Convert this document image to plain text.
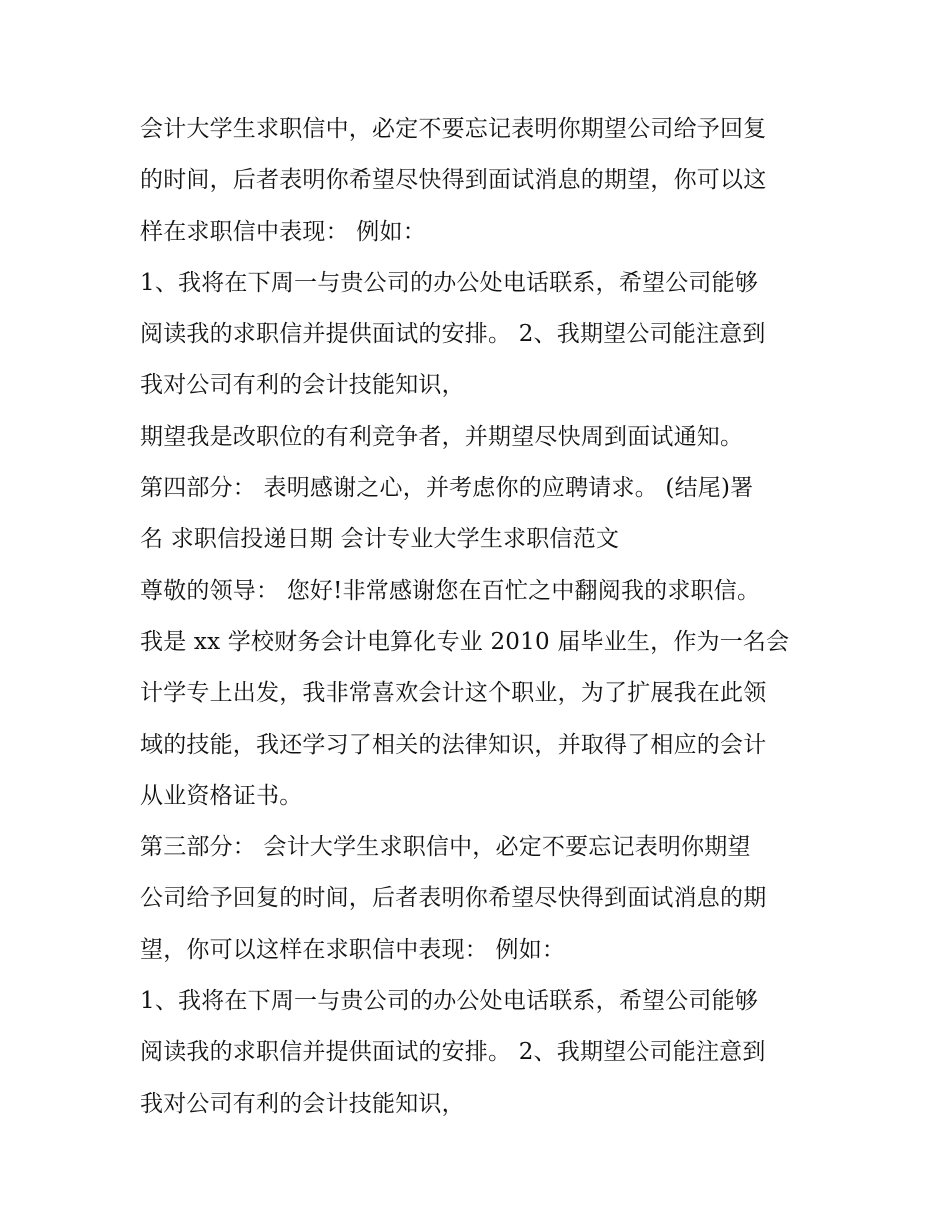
会计大学生求职信中，必定不要忘记表明你期望公司给予回复
的时间，后者表明你希望尽快得到面试消息的期望，你可以这
样在求职信中表现： 例如：
1、我将在下周一与贵公司的办公处电话联系，希望公司能够
阅读我的求职信并提供面试的安排。 2、我期望公司能注意到
我对公司有利的会计技能知识，
期望我是改职位的有利竞争者，并期望尽快周到面试通知。
第四部分： 表明感谢之心，并考虑你的应聘请求。 (结尾)署
名 求职信投递日期 会计专业大学生求职信范文
尊敬的领导： 您好!非常感谢您在百忙之中翻阅我的求职信。
我是 xx 学校财务会计电算化专业 2010 届毕业生，作为一名会
计学专上出发，我非常喜欢会计这个职业，为了扩展我在此领
域的技能，我还学习了相关的法律知识，并取得了相应的会计
从业资格证书。
第三部分： 会计大学生求职信中，必定不要忘记表明你期望
公司给予回复的时间，后者表明你希望尽快得到面试消息的期
望，你可以这样在求职信中表现： 例如：
1、我将在下周一与贵公司的办公处电话联系，希望公司能够
阅读我的求职信并提供面试的安排。 2、我期望公司能注意到
我对公司有利的会计技能知识，
